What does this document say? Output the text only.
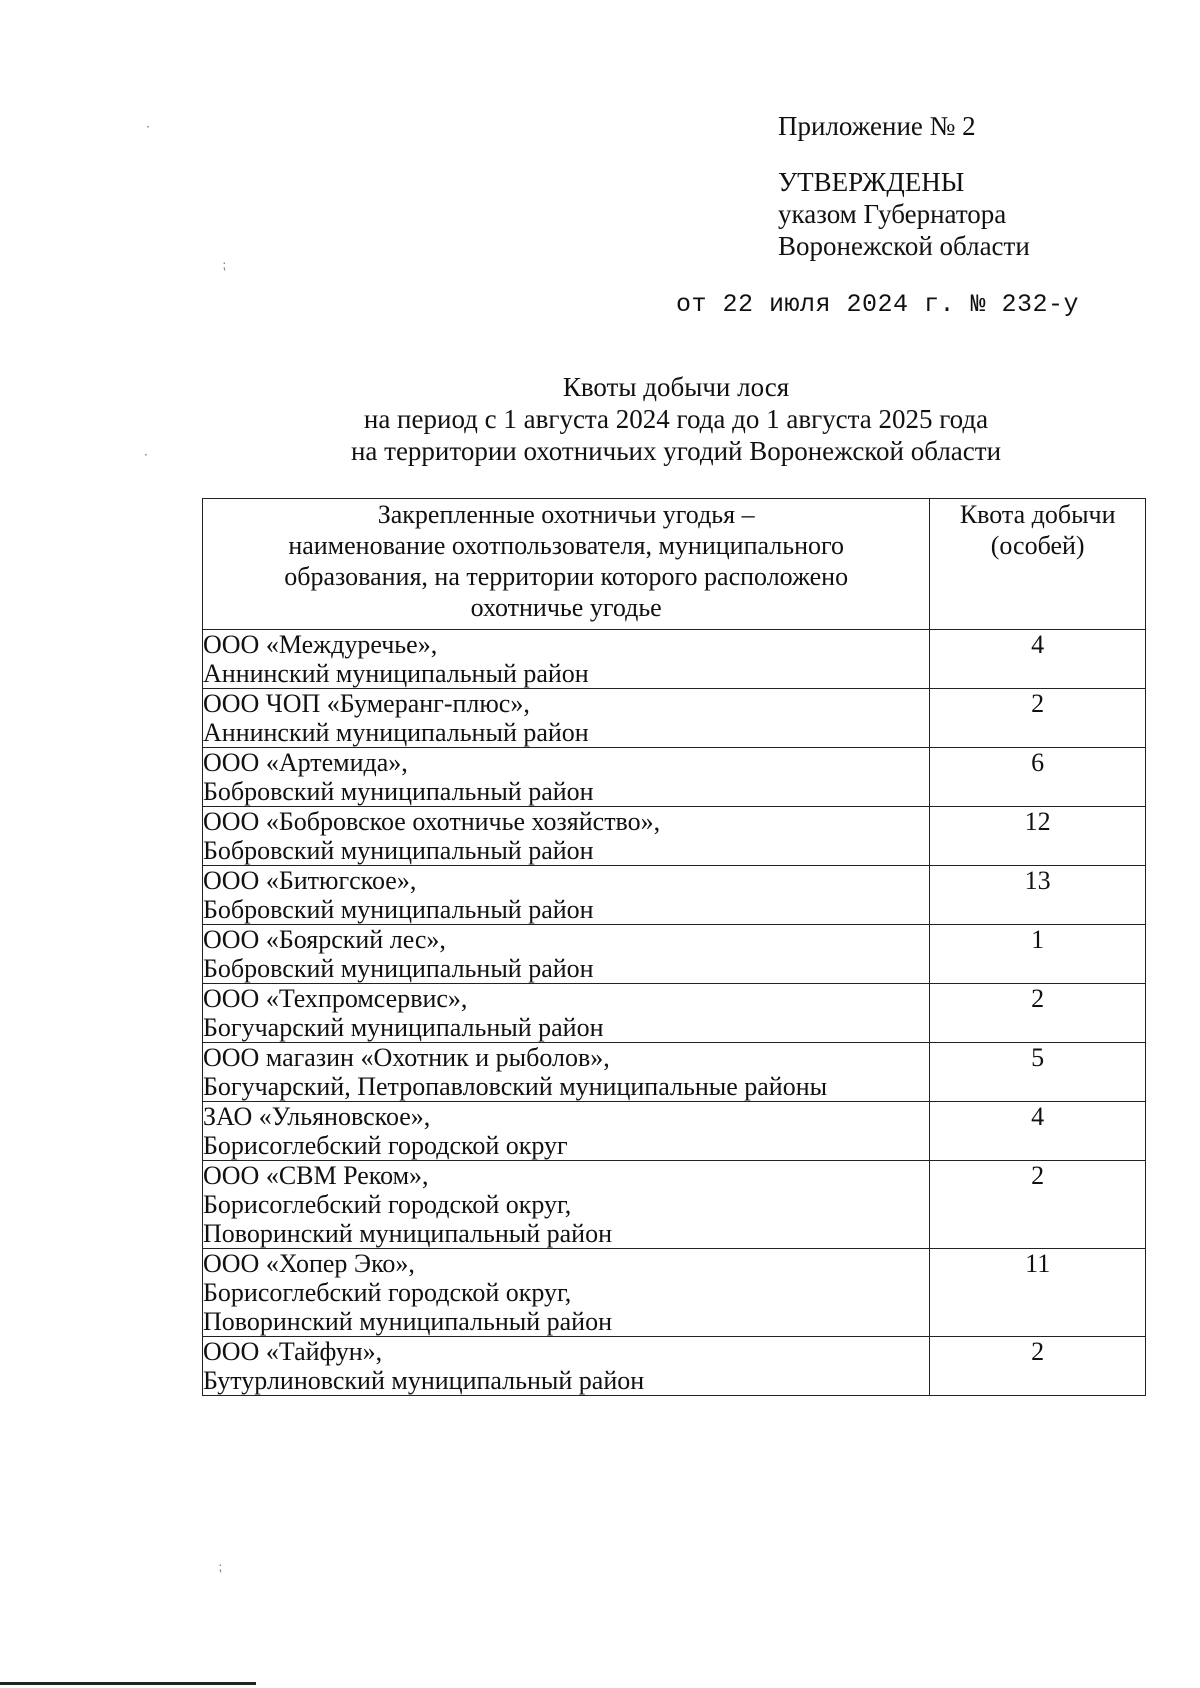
Приложение № 2
УТВЕРЖДЕНЫ
указом Губернатора
Воронежской области
от 22 июля 2024 г. № 232-у
Квоты добычи лося
на период с 1 августа 2024 года до 1 августа 2025 года
на территории охотничьих угодий Воронежской области
Закрепленные охотничьи угодья –
наименование охотпользователя, муниципального
образования, на территории которого расположено
охотничье угодье	Квота добычи
(особей)

ООО «Междуречье»,
Аннинский муниципальный район	4

ООО ЧОП «Бумеранг-плюс»,
Аннинский муниципальный район	2

ООО «Артемида»,
Бобровский муниципальный район	6

ООО «Бобровское охотничье хозяйство»,
Бобровский муниципальный район	12

ООО «Битюгское»,
Бобровский муниципальный район	13

ООО «Боярский лес»,
Бобровский муниципальный район	1

ООО «Техпромсервис»,
Богучарский муниципальный район	2

ООО магазин «Охотник и рыболов»,
Богучарский, Петропавловский муниципальные районы	5

ЗАО «Ульяновское»,
Борисоглебский городской округ	4

ООО «СВМ Реком»,
Борисоглебский городской округ,
Поворинский муниципальный район	2

ООО «Хопер Эко»,
Борисоглебский городской округ,
Поворинский муниципальный район	11

ООО «Тайфун»,
Бутурлиновский муниципальный район	2
·
⁏
·
⁏
